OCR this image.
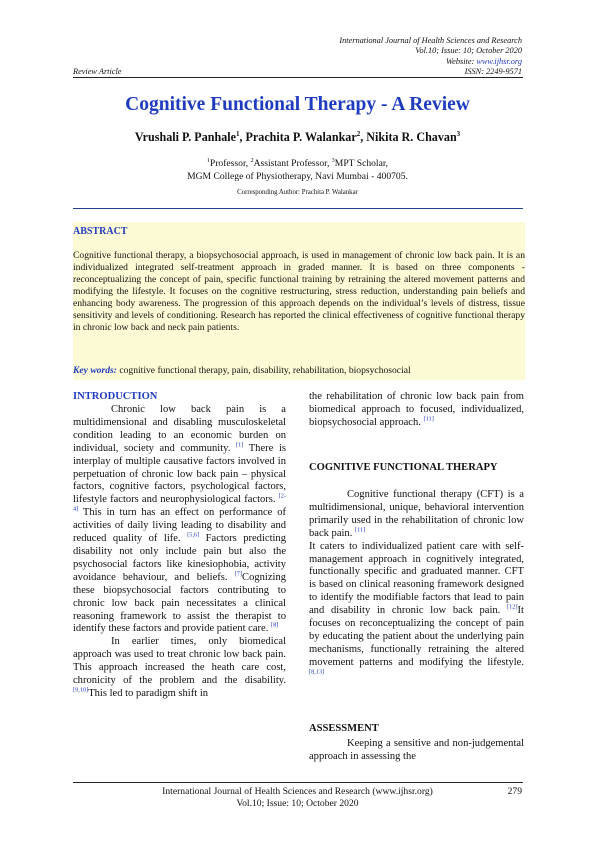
International Journal of Health Sciences and Research
Vol.10; Issue: 10; October 2020
Website: www.ijhsr.org
ISSN: 2249-9571
Review Article
Cognitive Functional Therapy - A Review
Vrushali P. Panhale$^1$, Prachita P. Walankar$^2$, Nikita R. Chavan$^3$
$^1$Professor, $^2$Assistant Professor, $^3$MPT Scholar,
MGM College of Physiotherapy, Navi Mumbai - 400705.
Corresponding Author: Prachita P. Walankar
ABSTRACT
Cognitive functional therapy, a biopsychosocial approach, is used in management of chronic low back pain. It is an individualized integrated self-treatment approach in graded manner. It is based on three components -reconceptualizing the concept of pain, specific functional training by retraining the altered movement patterns and modifying the lifestyle. It focuses on the cognitive restructuring, stress reduction, understanding pain beliefs and enhancing body awareness. The progression of this approach depends on the individual’s levels of distress, tissue sensitivity and levels of conditioning. Research has reported the clinical effectiveness of cognitive functional therapy in chronic low back and neck pain patients.
Key words: cognitive functional therapy, pain, disability, rehabilitation, biopsychosocial
INTRODUCTION

Chronic low back pain is a multidimensional and disabling musculoskeletal condition leading to an economic burden on individual, society and community. [1] There is interplay of multiple causative factors involved in perpetuation of chronic low back pain – physical factors, cognitive factors, psychological factors, lifestyle factors and neurophysiological factors. [2-4] This in turn has an effect on performance of activities of daily living leading to disability and reduced quality of life. [5,6] Factors predicting disability not only include pain but also the psychosocial factors like kinesiophobia, activity avoidance behaviour, and beliefs. [7]Cognizing these biopsychosocial factors contributing to chronic low back pain necessitates a clinical reasoning framework to assist the therapist to identify these factors and provide patient care. [8]

In earlier times, only biomedical approach was used to treat chronic low back pain. This approach increased the heath care cost, chronicity of the problem and the disability. [9,10]This led to paradigm shift in

the rehabilitation of chronic low back pain from biomedical approach to focused, individualized, biopsychosocial approach. [11]

COGNITIVE FUNCTIONAL THERAPY

Cognitive functional therapy (CFT) is a multidimensional, unique, behavioral intervention primarily used in the rehabilitation of chronic low back pain. [11]

It caters to individualized patient care with self-management approach in cognitively integrated, functionally specific and graduated manner. CFT is based on clinical reasoning framework designed to identify the modifiable factors that lead to pain and disability in chronic low back pain. [12]It focuses on reconceptualizing the concept of pain by educating the patient about the underlying pain mechanisms, functionally retraining the altered movement patterns and modifying the lifestyle. [8,13]

ASSESSMENT

Keeping a sensitive and non-judgemental approach in assessing the

International Journal of Health Sciences and Research (www.ijhsr.org)
Vol.10; Issue: 10; October 2020
279
